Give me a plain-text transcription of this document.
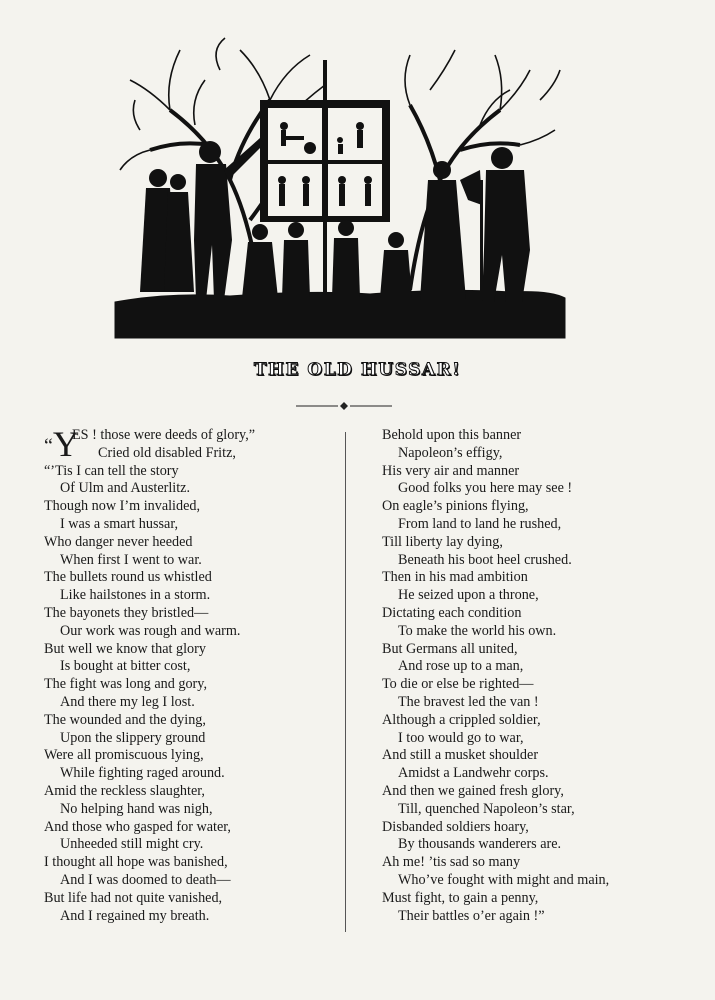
THE OLD HUSSAR!
“Y
ES ! those were deeds of glory,”
Cried old disabled Fritz,
“’Tis I can tell the story
Of Ulm and Austerlitz.
Though now I’m invalided,
I was a smart hussar,
Who danger never heeded
When first I went to war.
The bullets round us whistled
Like hailstones in a storm.
The bayonets they bristled—
Our work was rough and warm.
But well we know that glory
Is bought at bitter cost,
The fight was long and gory,
And there my leg I lost.
The wounded and the dying,
Upon the slippery ground
Were all promiscuous lying,
While fighting raged around.
Amid the reckless slaughter,
No helping hand was nigh,
And those who gasped for water,
Unheeded still might cry.
I thought all hope was banished,
And I was doomed to death—
But life had not quite vanished,
And I regained my breath.
Behold upon this banner
Napoleon’s effigy,
His very air and manner
Good folks you here may see !
On eagle’s pinions flying,
From land to land he rushed,
Till liberty lay dying,
Beneath his boot heel crushed.
Then in his mad ambition
He seized upon a throne,
Dictating each condition
To make the world his own.
But Germans all united,
And rose up to a man,
To die or else be righted—
The bravest led the van !
Although a crippled soldier,
I too would go to war,
And still a musket shoulder
Amidst a Landwehr corps.
And then we gained fresh glory,
Till, quenched Napoleon’s star,
Disbanded soldiers hoary,
By thousands wanderers are.
Ah me! ’tis sad so many
Who’ve fought with might and main,
Must fight, to gain a penny,
Their battles o’er again !”
